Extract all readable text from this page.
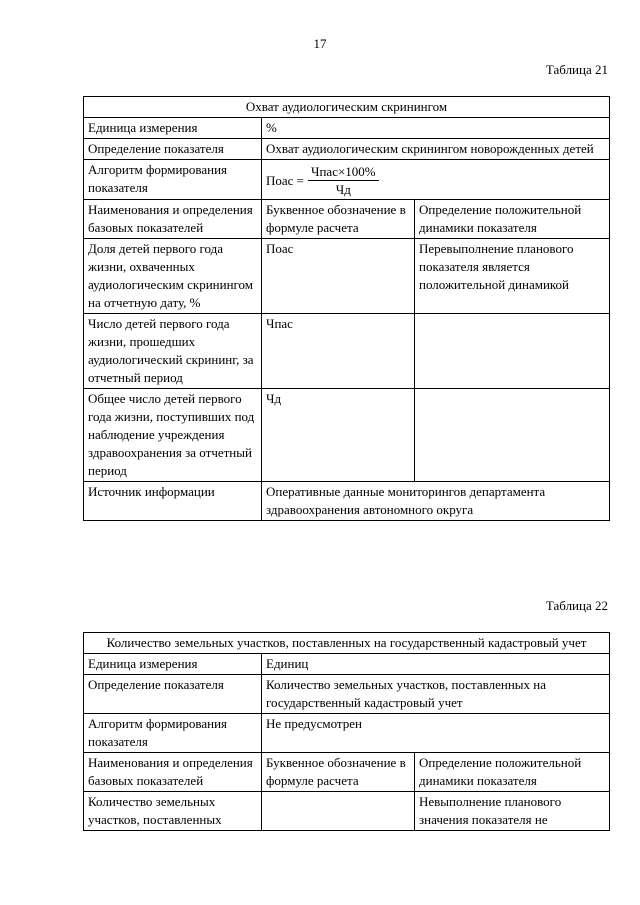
17
Таблица 21
Охват аудиологическим скринингом		
Единица измерения	%	
Определение показателя	Охват аудиологическим скринингом новорожденных детей	
Алгоритм формирования показателя	Поас = $\frac{\text{Чпас×100\%}}{Чд}$

Наименования и определения базовых показателей	Буквенное обозначение в формуле расчета	Определение положительной динамики показателя
Доля детей первого года жизни, охваченных аудиологическим скринингом на отчетную дату, %	Поас	Перевыполнение планового показателя является положительной динамикой
Число детей первого года жизни, прошедших аудиологический скрининг, за отчетный период	Чпас	
Общее число детей первого года жизни, поступивших под наблюдение учреждения здравоохранения за отчетный период	Чд	
Источник информации	Оперативные данные мониторингов департамента здравоохранения автономного округа	
Таблица 22
Количество земельных участков, поставленных на государственный кадастровый учет		
Единица измерения	Единиц	
Определение показателя	Количество земельных участков, поставленных на государственный кадастровый учет	
Алгоритм формирования показателя	Не предусмотрен	
Наименования и определения базовых показателей	Буквенное обозначение в формуле расчета	Определение положительной динамики показателя
Количество земельных участков, поставленных		Невыполнение планового значения показателя не
